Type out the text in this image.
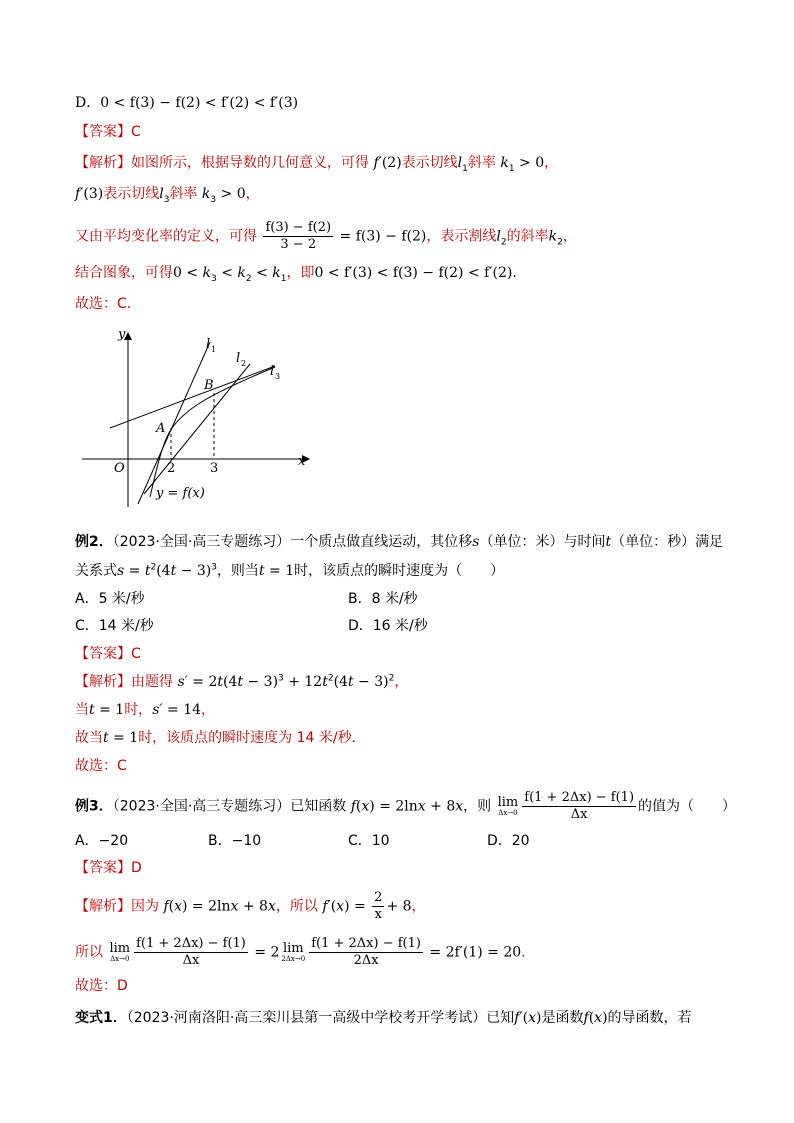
D．0 < f(3) − f(2) < f′(2) < f′(3)
【答案】C
【解析】如图所示，根据导数的几何意义，可得 f′(2)表示切线$l_1$斜率 $k_1 > 0$，
f′(3)表示切线$l_3$斜率 $k_3 > 0$，
又由平均变化率的定义，可得 $\frac{f(3) - f(2)}{3 - 2} = f(3) - f(2)$，表示割线$l_2$的斜率$k_2$，
结合图象，可得$0 < k_3 < k_2 < k_1$，即0 < f′(3) < f(3) − f(2) < f′(2).
故选：C.
y
x
O
A
B
2	3
l 1
l 2
l 3
y = f(x)
例2．（2023·全国·高三专题练习）一个质点做直线运动，其位移s（单位：米）与时间t（单位：秒）满足
关系式$s = t^2(4t - 3)^3$，则当t = 1时，该质点的瞬时速度为（　　）
A．5 米/秒	B．8 米/秒
C．14 米/秒	D．16 米/秒
【答案】C
【解析】由题得 $s' = 2t(4t - 3)^3 + 12t^2(4t - 3)^2$，
当t = 1时，s′ = 14，
故当t = 1时，该质点的瞬时速度为 14 米/秒．
故选：C
例3．（2023·全国·高三专题练习）已知函数 f(x) = 2lnx + 8x，则 lim
$\Delta x\to 0 \frac{f(1 + 2\Delta x) - f(1)}{\Delta x}$ 的值为（　　）
A．−20	B．−10	C．10	D．20
【答案】D
【解析】因为 f(x) = 2lnx + 8x，所以 $f'(x) = \frac{2}{x} + 8$，
所以 lim
$\Delta x\to 0 \frac{f(1 + 2\Delta x) - f(1)}{\Delta x} = 2$ lim
$2\Delta x\to 0 \frac{f(1 + 2\Delta x) - f(1)}{2\Delta x} = 2f'(1) = 20$.
故选：D
变式1．（2023·河南洛阳·高三栾川县第一高级中学校考开学考试）已知f′(x)是函数f(x)的导函数，若
